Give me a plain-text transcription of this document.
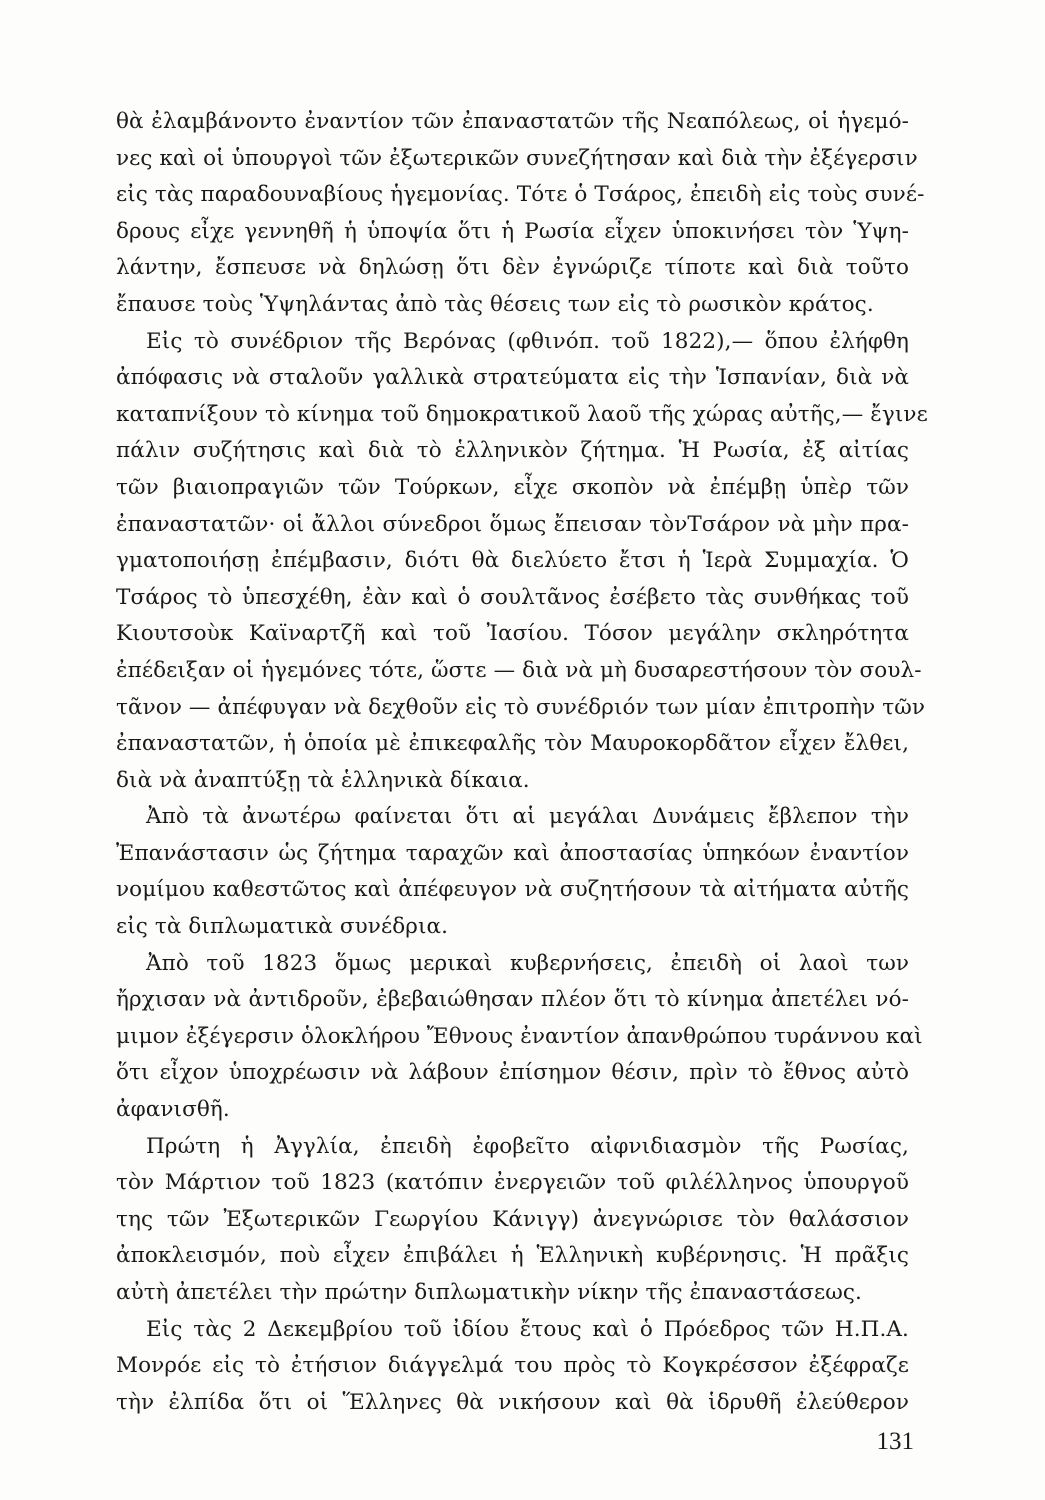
θὰ ἐλαμβάνοντο ἐναντίον τῶν ἐπαναστατῶν τῆς Νεαπόλεως, οἱ ἡγεμό-
νες καὶ οἱ ὑπουργοὶ τῶν ἐξωτερικῶν συνεζήτησαν καὶ διὰ τὴν ἐξέγερσιν
εἰς τὰς παραδουναβίους ἡγεμονίας. Τότε ὁ Τσάρος, ἐπειδὴ εἰς τοὺς συνέ-
δρους εἶχε γεννηθῆ ἡ ὑποψία ὅτι ἡ Ρωσία εἶχεν ὑποκινήσει τὸν Ὑψη-
λάντην, ἔσπευσε νὰ δηλώσῃ ὅτι δὲν ἐγνώριζε τίποτε καὶ διὰ τοῦτο
ἔπαυσε τοὺς Ὑψηλάντας ἀπὸ τὰς θέσεις των εἰς τὸ ρωσικὸν κράτος.
Εἰς τὸ συνέδριον τῆς Βερόνας (φθινόπ. τοῦ 1822),— ὅπου ἐλήφθη
ἀπόφασις νὰ σταλοῦν γαλλικὰ στρατεύματα εἰς τὴν Ἱσπανίαν, διὰ νὰ
καταπνίξουν τὸ κίνημα τοῦ δημοκρατικοῦ λαοῦ τῆς χώρας αὐτῆς,— ἔγινε
πάλιν συζήτησις καὶ διὰ τὸ ἑλληνικὸν ζήτημα. Ἡ Ρωσία, ἐξ αἰτίας
τῶν βιαιοπραγιῶν τῶν Τούρκων, εἶχε σκοπὸν νὰ ἐπέμβῃ ὑπὲρ τῶν
ἐπαναστατῶν· οἱ ἄλλοι σύνεδροι ὅμως ἔπεισαν τὸνΤσάρον νὰ μὴν πρα-
γματοποιήσῃ ἐπέμβασιν, διότι θὰ διελύετο ἔτσι ἡ Ἱερὰ Συμμαχία. Ὁ
Τσάρος τὸ ὑπεσχέθη, ἐὰν καὶ ὁ σουλτᾶνος ἐσέβετο τὰς συνθήκας τοῦ
Κιουτσοὺκ Καϊναρτζῆ καὶ τοῦ Ἰασίου. Τόσον μεγάλην σκληρότητα
ἐπέδειξαν οἱ ἡγεμόνες τότε, ὥστε — διὰ νὰ μὴ δυσαρεστήσουν τὸν σουλ-
τᾶνον — ἀπέφυγαν νὰ δεχθοῦν εἰς τὸ συνέδριόν των μίαν ἐπιτροπὴν τῶν
ἐπαναστατῶν, ἡ ὁποία μὲ ἐπικεφαλῆς τὸν Μαυροκορδᾶτον εἶχεν ἔλθει,
διὰ νὰ ἀναπτύξῃ τὰ ἑλληνικὰ δίκαια.
Ἀπὸ τὰ ἀνωτέρω φαίνεται ὅτι αἱ μεγάλαι Δυνάμεις ἔβλεπον τὴν
Ἐπανάστασιν ὡς ζήτημα ταραχῶν καὶ ἀποστασίας ὑπηκόων ἐναντίον
νομίμου καθεστῶτος καὶ ἀπέφευγον νὰ συζητήσουν τὰ αἰτήματα αὐτῆς
εἰς τὰ διπλωματικὰ συνέδρια.
Ἀπὸ τοῦ 1823 ὅμως μερικαὶ κυβερνήσεις, ἐπειδὴ οἱ λαοὶ των
ἤρχισαν νὰ ἀντιδροῦν, ἐβεβαιώθησαν πλέον ὅτι τὸ κίνημα ἀπετέλει νό-
μιμον ἐξέγερσιν ὁλοκλήρου Ἔθνους ἐναντίον ἀπανθρώπου τυράννου καὶ
ὅτι εἶχον ὑποχρέωσιν νὰ λάβουν ἐπίσημον θέσιν, πρὶν τὸ ἔθνος αὐτὸ
ἀφανισθῆ.
Πρώτη ἡ Ἀγγλία, ἐπειδὴ ἐφοβεῖτο αἰφνιδιασμὸν τῆς Ρωσίας,
τὸν Μάρτιον τοῦ 1823 (κατόπιν ἐνεργειῶν τοῦ φιλέλληνος ὑπουργοῦ
της τῶν Ἐξωτερικῶν Γεωργίου Κάνιγγ) ἀνεγνώρισε τὸν θαλάσσιον
ἀποκλεισμόν, ποὺ εἶχεν ἐπιβάλει ἡ Ἑλληνικὴ κυβέρνησις. Ἡ πρᾶξις
αὐτὴ ἀπετέλει τὴν πρώτην διπλωματικὴν νίκην τῆς ἐπαναστάσεως.
Εἰς τὰς 2 Δεκεμβρίου τοῦ ἰδίου ἔτους καὶ ὁ Πρόεδρος τῶν Η.Π.Α.
Μονρόε εἰς τὸ ἐτήσιον διάγγελμά του πρὸς τὸ Κογκρέσσον ἐξέφραζε
τὴν ἐλπίδα ὅτι οἱ Ἕλληνες θὰ νικήσουν καὶ θὰ ἱδρυθῆ ἐλεύθερον
131
